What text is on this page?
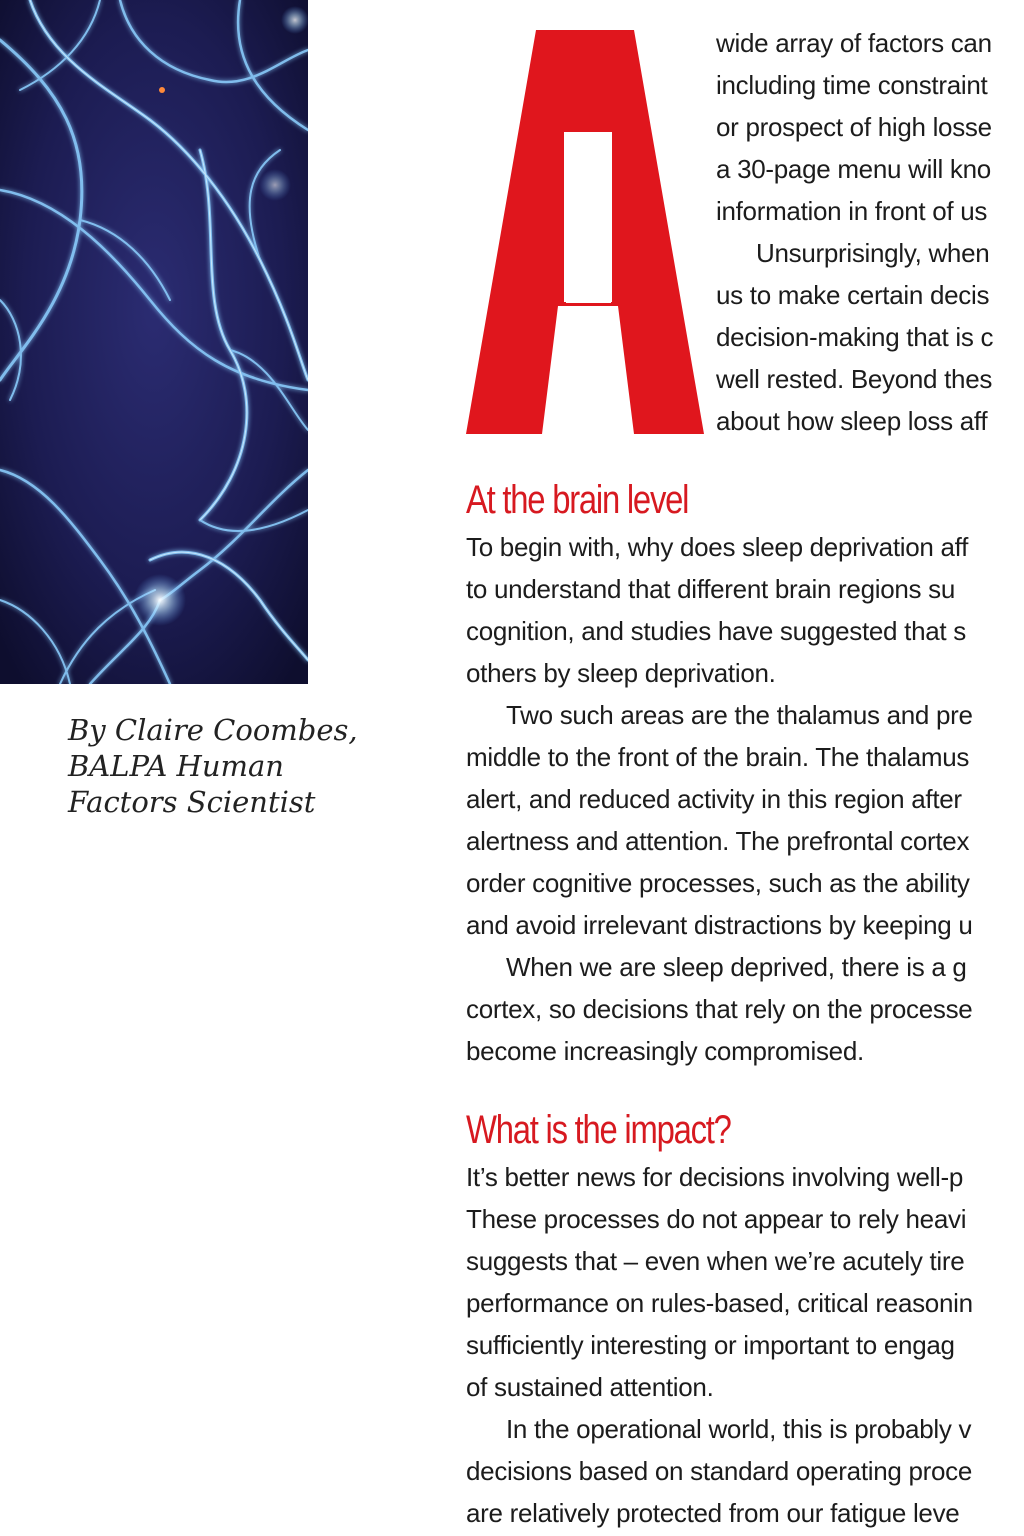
By Claire Coombes,
BALPA Human
Factors Scientist
wide array of factors can
including time constraint
or prospect of high losse
a 30-page menu will kno
information in front of us
Unsurprisingly, when
us to make certain decis
decision-making that is c
well rested. Beyond thes
about how sleep loss aff
At the brain level
To begin with, why does sleep deprivation aff
to understand that different brain regions su
cognition, and studies have suggested that s
others by sleep deprivation.
Two such areas are the thalamus and pre
middle to the front of the brain. The thalamus
alert, and reduced activity in this region after
alertness and attention. The prefrontal cortex
order cognitive processes, such as the ability
and avoid irrelevant distractions by keeping u
When we are sleep deprived, there is a g
cortex, so decisions that rely on the processe
become increasingly compromised.
What is the impact?
It’s better news for decisions involving well-p
These processes do not appear to rely heavi
suggests that – even when we’re acutely tire
performance on rules-based, critical reasonin
sufficiently interesting or important to engag
of sustained attention.
In the operational world, this is probably v
decisions based on standard operating proce
are relatively protected from our fatigue leve
